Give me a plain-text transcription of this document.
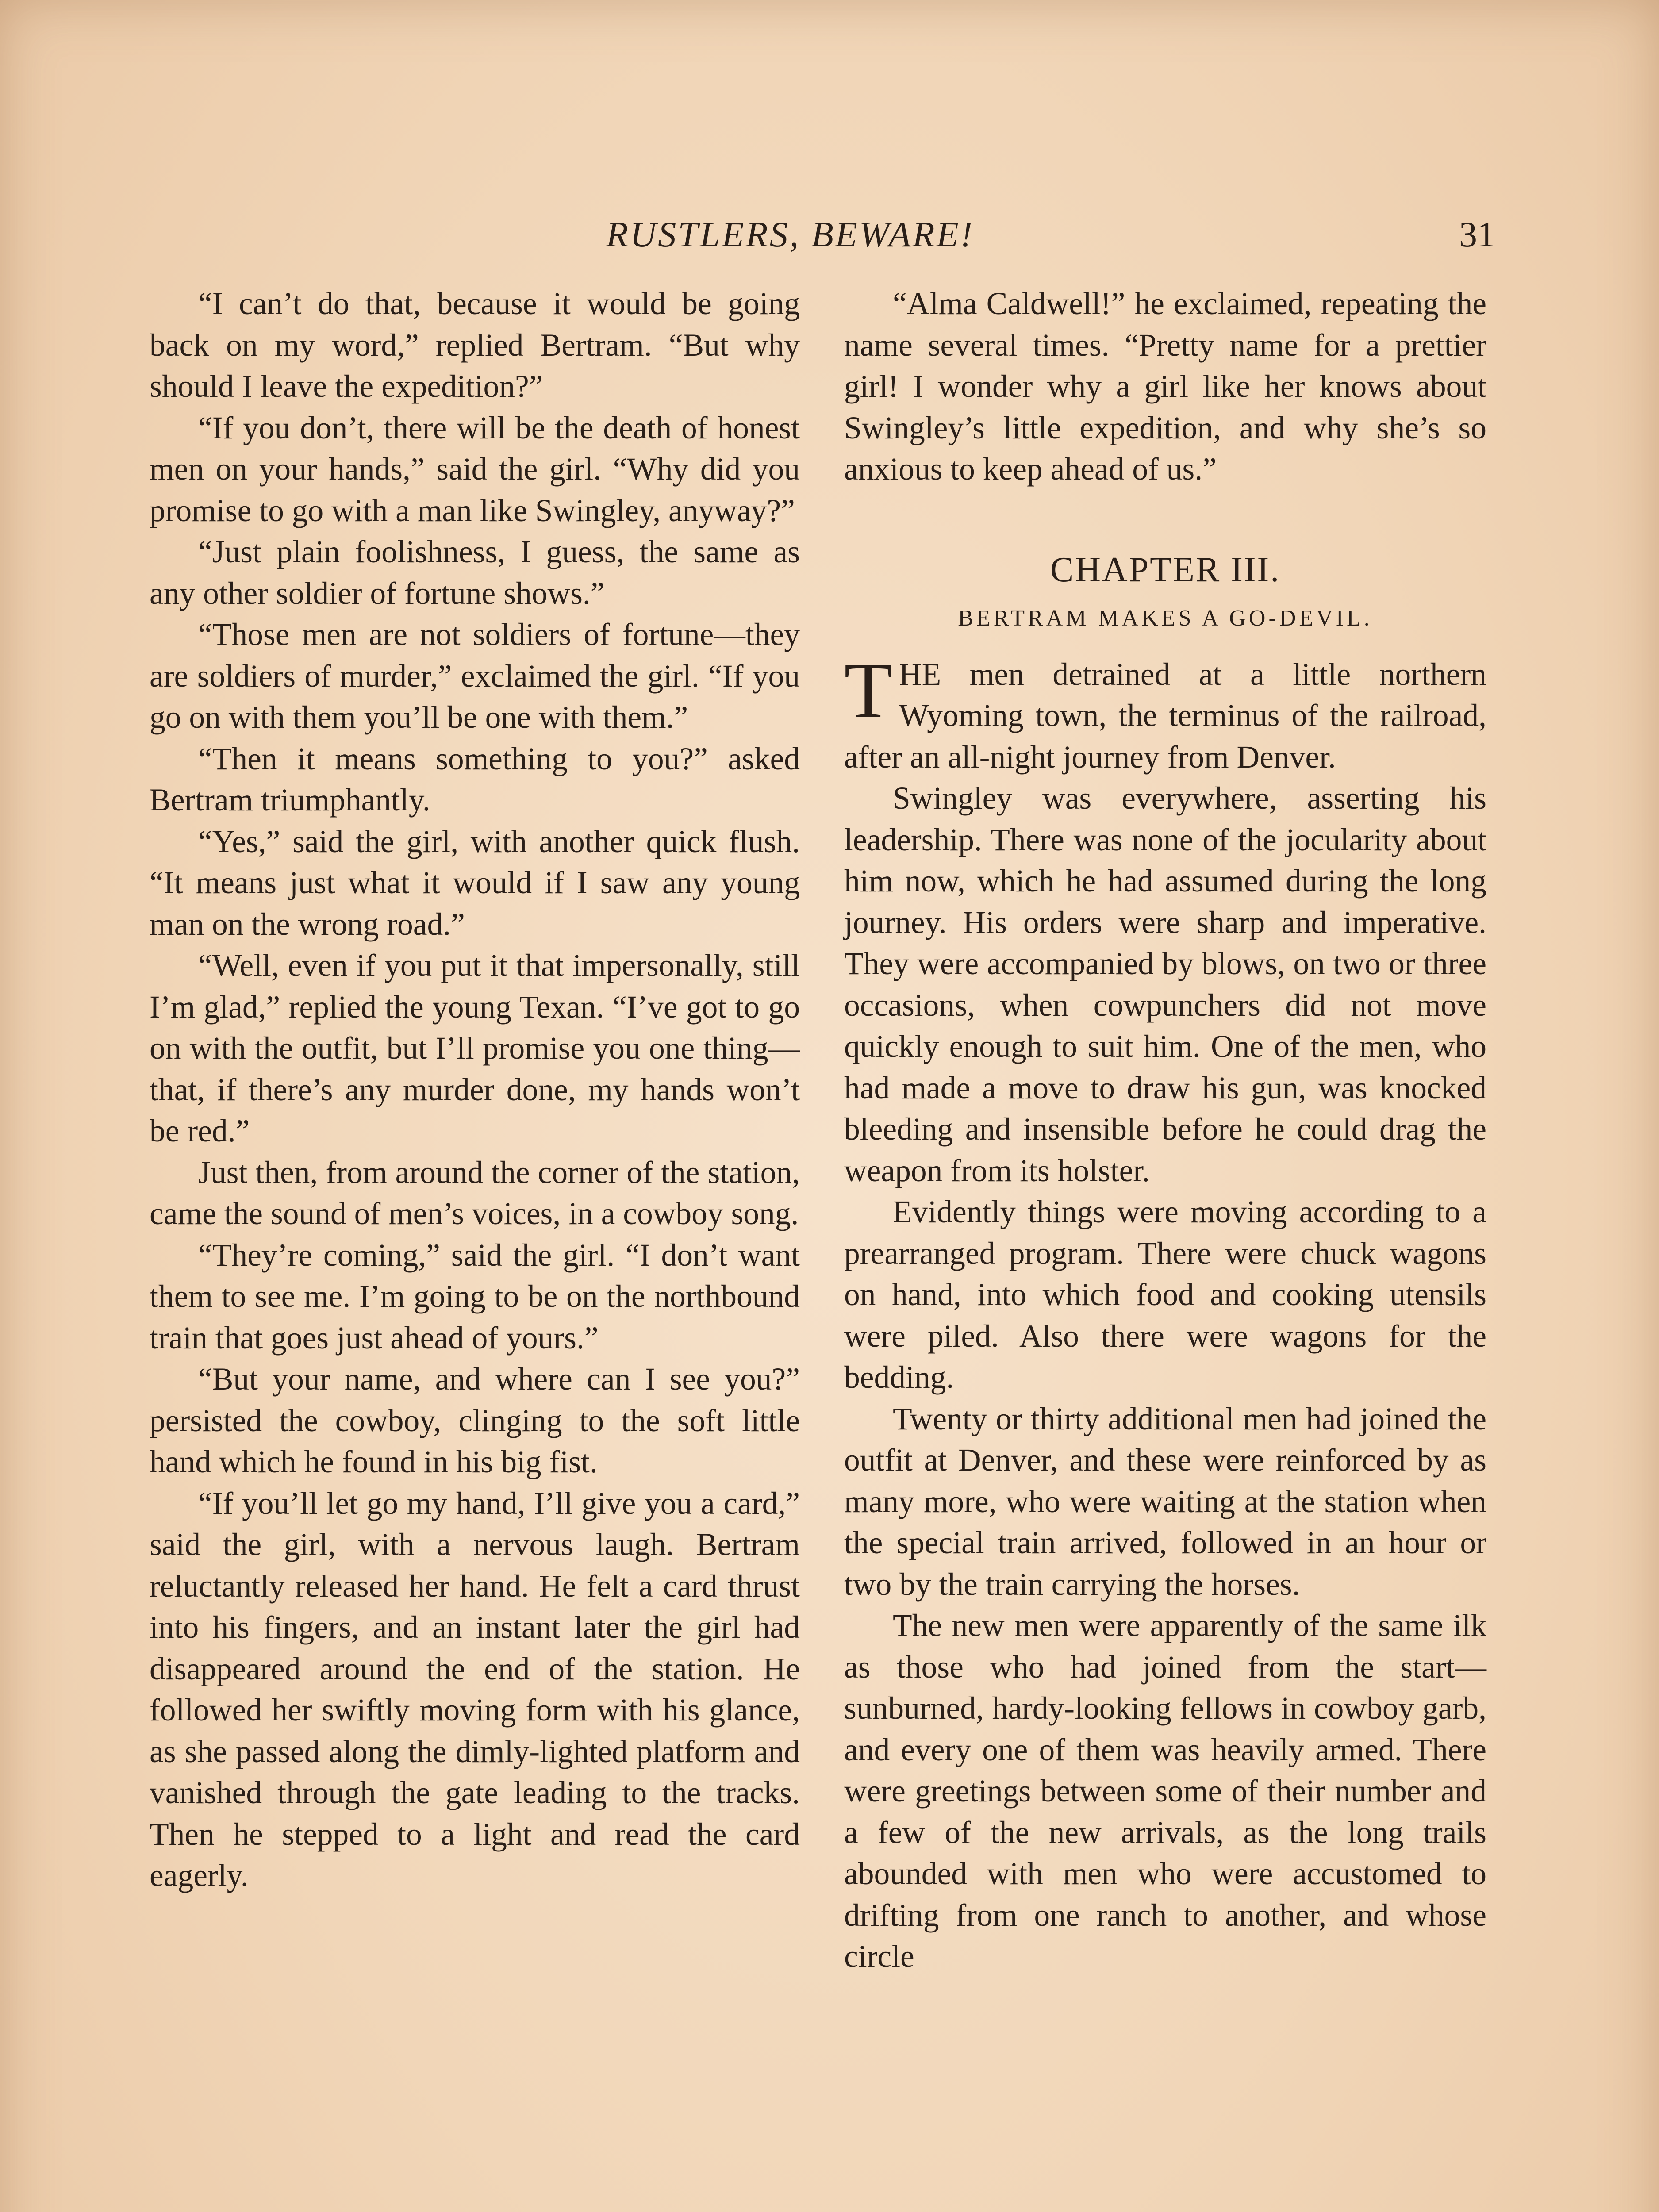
RUSTLERS, BEWARE!	31

“I can’t do that, because it would be going back on my word,” replied Bertram. “But why should I leave the expedition?”

“If you don’t, there will be the death of honest men on your hands,” said the girl. “Why did you promise to go with a man like Swingley, anyway?”

“Just plain foolishness, I guess, the same as any other soldier of fortune shows.”

“Those men are not soldiers of fortune—they are soldiers of murder,” exclaimed the girl. “If you go on with them you’ll be one with them.”

“Then it means something to you?” asked Bertram triumphantly.

“Yes,” said the girl, with another quick flush. “It means just what it would if I saw any young man on the wrong road.”

“Well, even if you put it that impersonally, still I’m glad,” replied the young Texan. “I’ve got to go on with the outfit, but I’ll promise you one thing—that, if there’s any murder done, my hands won’t be red.”

Just then, from around the corner of the station, came the sound of men’s voices, in a cowboy song.

“They’re coming,” said the girl. “I don’t want them to see me. I’m going to be on the northbound train that goes just ahead of yours.”

“But your name, and where can I see you?” persisted the cowboy, clinging to the soft little hand which he found in his big fist.

“If you’ll let go my hand, I’ll give you a card,” said the girl, with a nervous laugh. Bertram reluctantly released her hand. He felt a card thrust into his fingers, and an instant later the girl had disappeared around the end of the station. He followed her swiftly moving form with his glance, as she passed along the dimly-lighted platform and vanished through the gate leading to the tracks. Then he stepped to a light and read the card eagerly.

“Alma Caldwell!” he exclaimed, repeating the name several times. “Pretty name for a prettier girl! I wonder why a girl like her knows about Swingley’s little expedition, and why she’s so anxious to keep ahead of us.”

CHAPTER III.
BERTRAM MAKES A GO-DEVIL.

THE men detrained at a little northern Wyoming town, the terminus of the railroad, after an all-night journey from Denver.

Swingley was everywhere, asserting his leadership. There was none of the jocularity about him now, which he had assumed during the long journey. His orders were sharp and imperative. They were accompanied by blows, on two or three occasions, when cowpunchers did not move quickly enough to suit him. One of the men, who had made a move to draw his gun, was knocked bleeding and insensible before he could drag the weapon from its holster.

Evidently things were moving according to a prearranged program. There were chuck wagons on hand, into which food and cooking utensils were piled. Also there were wagons for the bedding.

Twenty or thirty additional men had joined the outfit at Denver, and these were reinforced by as many more, who were waiting at the station when the special train arrived, followed in an hour or two by the train carrying the horses.

The new men were apparently of the same ilk as those who had joined from the start—sunburned, hardy-looking fellows in cowboy garb, and every one of them was heavily armed. There were greetings between some of their number and a few of the new arrivals, as the long trails abounded with men who were accustomed to drifting from one ranch to another, and whose circle
